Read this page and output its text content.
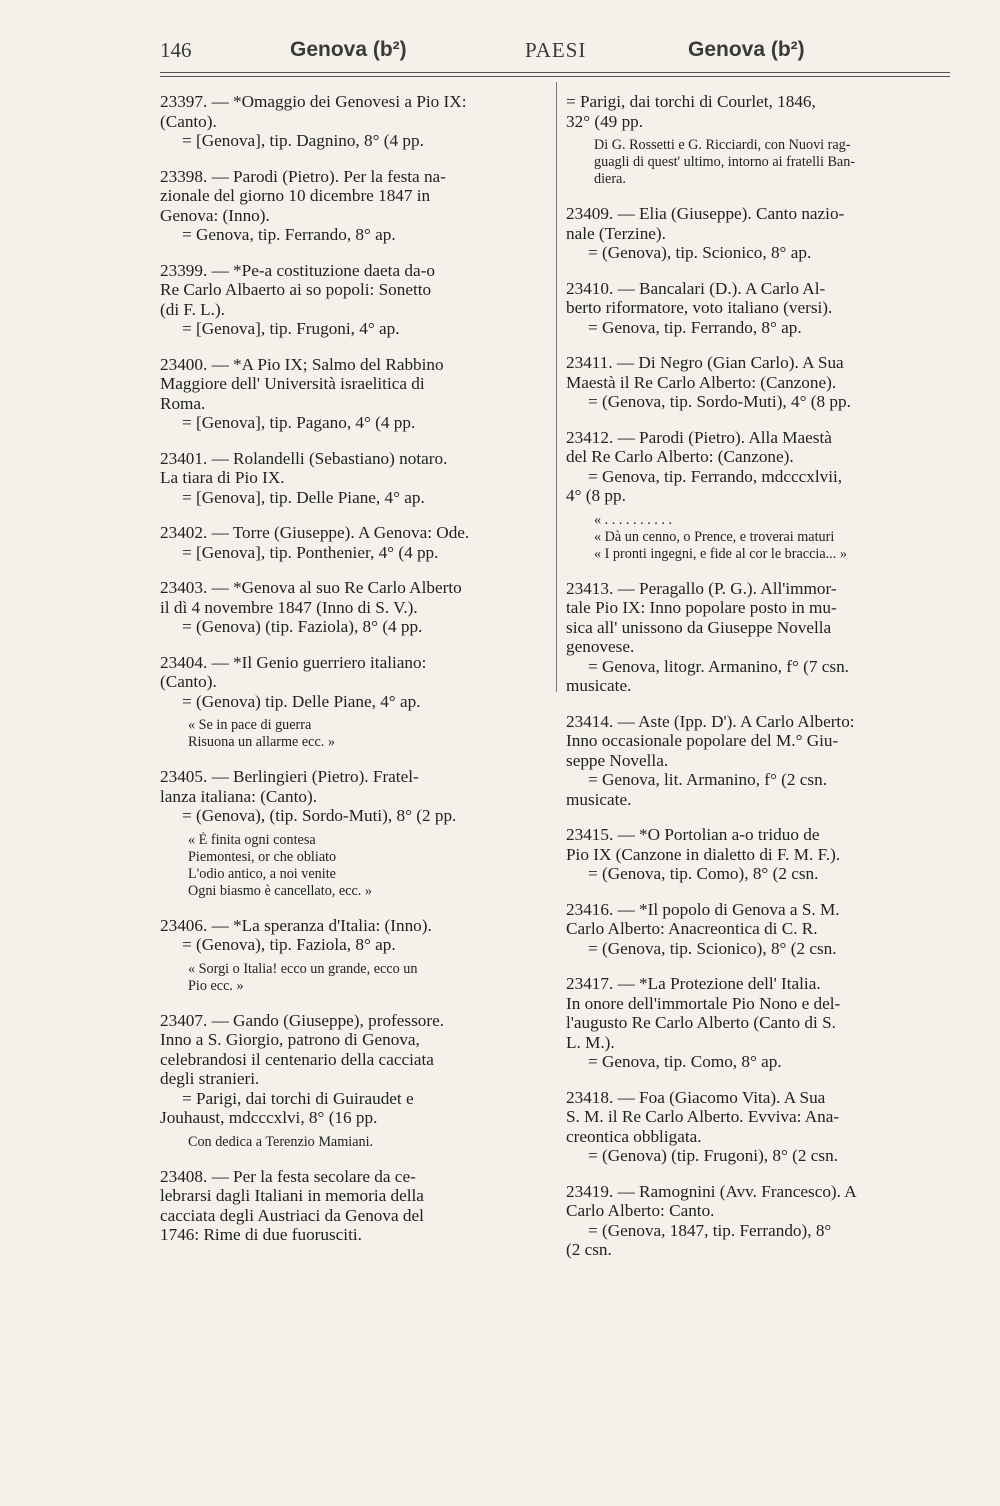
146	Genova (b²)	PAESI	Genova (b²)
23397. — *Omaggio dei Genovesi a Pio IX:
(Canto).
= [Genova], tip. Dagnino, 8° (4 pp.
23398. — Parodi (Pietro). Per la festa na-
zionale del giorno 10 dicembre 1847 in
Genova: (Inno).
= Genova, tip. Ferrando, 8° ap.
23399. — *Pe-a costituzione daeta da-o
Re Carlo Albaerto ai so popoli: Sonetto
(di F. L.).
= [Genova], tip. Frugoni, 4° ap.
23400. — *A Pio IX; Salmo del Rabbino
Maggiore dell' Università israelitica di
Roma.
= [Genova], tip. Pagano, 4° (4 pp.
23401. — Rolandelli (Sebastiano) notaro.
La tiara di Pio IX.
= [Genova], tip. Delle Piane, 4° ap.
23402. — Torre (Giuseppe). A Genova: Ode.
= [Genova], tip. Ponthenier, 4° (4 pp.
23403. — *Genova al suo Re Carlo Alberto
il dì 4 novembre 1847 (Inno di S. V.).
= (Genova) (tip. Faziola), 8° (4 pp.
23404. — *Il Genio guerriero italiano:
(Canto).
= (Genova) tip. Delle Piane, 4° ap.
« Se in pace di guerra
Risuona un allarme ecc. »
23405. — Berlingieri (Pietro). Fratel-
lanza italiana: (Canto).
= (Genova), (tip. Sordo-Muti), 8° (2 pp.
« È finita ogni contesa
Piemontesi, or che obliato
L'odio antico, a noi venite
Ogni biasmo è cancellato, ecc. »
23406. — *La speranza d'Italia: (Inno).
= (Genova), tip. Faziola, 8° ap.
« Sorgi o Italia! ecco un grande, ecco un
Pio ecc. »
23407. — Gando (Giuseppe), professore.
Inno a S. Giorgio, patrono di Genova,
celebrandosi il centenario della cacciata
degli stranieri.
= Parigi, dai torchi di Guiraudet e
Jouhaust, mdcccxlvi, 8° (16 pp.
Con dedica a Terenzio Mamiani.
23408. — Per la festa secolare da ce-
lebrarsi dagli Italiani in memoria della
cacciata degli Austriaci da Genova del
1746: Rime di due fuorusciti.
= Parigi, dai torchi di Courlet, 1846,
32° (49 pp.
Di G. Rossetti e G. Ricciardi, con Nuovi rag-
guagli di quest' ultimo, intorno ai fratelli Ban-
diera.
23409. — Elia (Giuseppe). Canto nazio-
nale (Terzine).
= (Genova), tip. Scionico, 8° ap.
23410. — Bancalari (D.). A Carlo Al-
berto riformatore, voto italiano (versi).
= Genova, tip. Ferrando, 8° ap.
23411. — Di Negro (Gian Carlo). A Sua
Maestà il Re Carlo Alberto: (Canzone).
= (Genova, tip. Sordo-Muti), 4° (8 pp.
23412. — Parodi (Pietro). Alla Maestà
del Re Carlo Alberto: (Canzone).
= Genova, tip. Ferrando, mdcccxlvii,
4° (8 pp.
« . . . . . . . . . .
« Dà un cenno, o Prence, e troverai maturi
« I pronti ingegni, e fide al cor le braccia... »
23413. — Peragallo (P. G.). All'immor-
tale Pio IX: Inno popolare posto in mu-
sica all' unissono da Giuseppe Novella
genovese.
= Genova, litogr. Armanino, f° (7 csn.
musicate.
23414. — Aste (Ipp. D'). A Carlo Alberto:
Inno occasionale popolare del M.° Giu-
seppe Novella.
= Genova, lit. Armanino, f° (2 csn.
musicate.
23415. — *O Portolian a-o triduo de
Pio IX (Canzone in dialetto di F. M. F.).
= (Genova, tip. Como), 8° (2 csn.
23416. — *Il popolo di Genova a S. M.
Carlo Alberto: Anacreontica di C. R.
= (Genova, tip. Scionico), 8° (2 csn.
23417. — *La Protezione dell' Italia.
In onore dell'immortale Pio Nono e del-
l'augusto Re Carlo Alberto (Canto di S.
L. M.).
= Genova, tip. Como, 8° ap.
23418. — Foa (Giacomo Vita). A Sua
S. M. il Re Carlo Alberto. Evviva: Ana-
creontica obbligata.
= (Genova) (tip. Frugoni), 8° (2 csn.
23419. — Ramognini (Avv. Francesco). A
Carlo Alberto: Canto.
= (Genova, 1847, tip. Ferrando), 8°
(2 csn.
